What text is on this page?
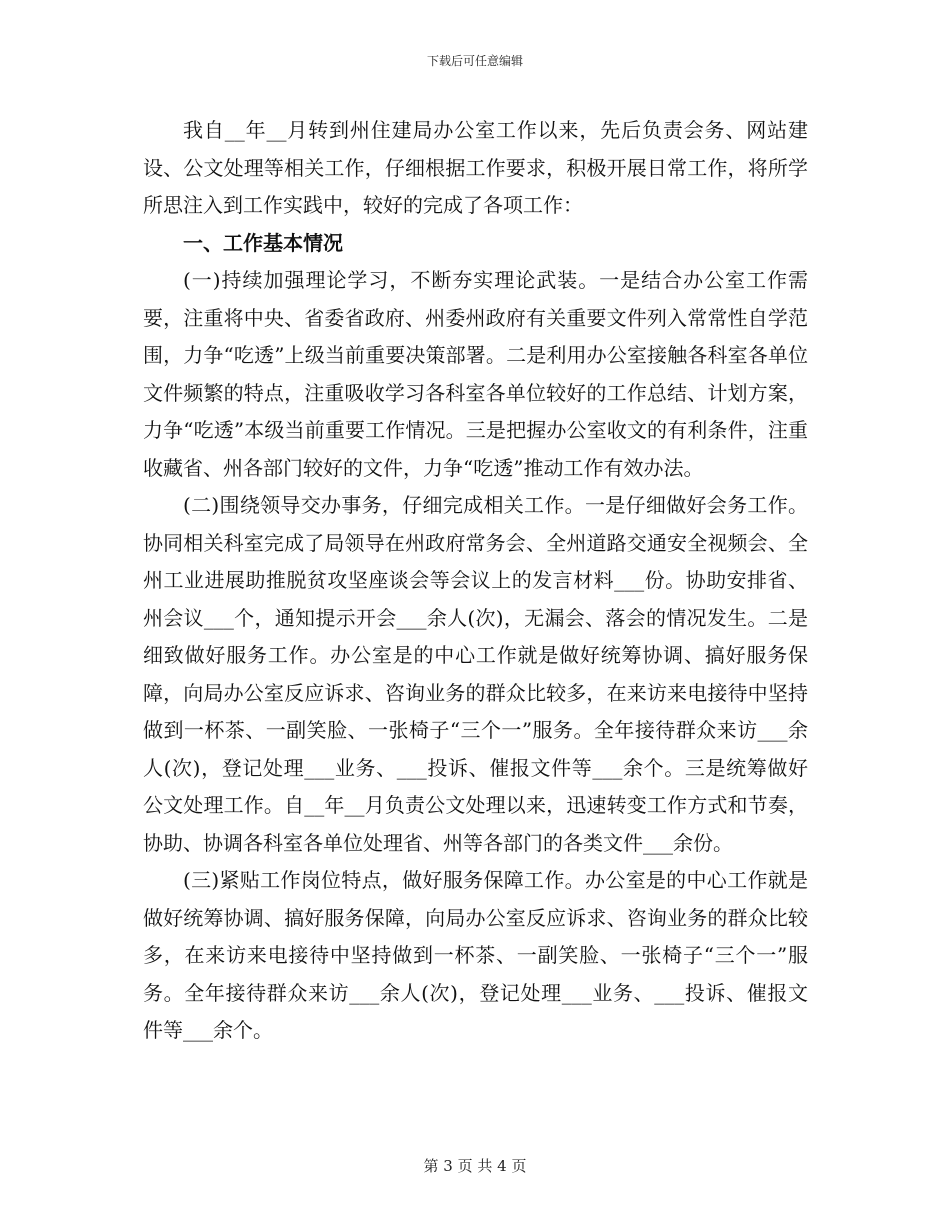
下载后可任意编辑

我自__年__月转到州住建局办公室工作以来，先后负责会务、网站建设、公文处理等相关工作，仔细根据工作要求，积极开展日常工作，将所学所思注入到工作实践中，较好的完成了各项工作：

一、工作基本情况

(一)持续加强理论学习，不断夯实理论武装。一是结合办公室工作需要，注重将中央、省委省政府、州委州政府有关重要文件列入常常性自学范围，力争“吃透”上级当前重要决策部署。二是利用办公室接触各科室各单位文件频繁的特点，注重吸收学习各科室各单位较好的工作总结、计划方案，力争“吃透”本级当前重要工作情况。三是把握办公室收文的有利条件，注重收藏省、州各部门较好的文件，力争“吃透”推动工作有效办法。

(二)围绕领导交办事务，仔细完成相关工作。一是仔细做好会务工作。协同相关科室完成了局领导在州政府常务会、全州道路交通安全视频会、全州工业进展助推脱贫攻坚座谈会等会议上的发言材料___份。协助安排省、州会议___个，通知提示开会___余人(次)，无漏会、落会的情况发生。二是细致做好服务工作。办公室是的中心工作就是做好统筹协调、搞好服务保障，向局办公室反应诉求、咨询业务的群众比较多，在来访来电接待中坚持做到一杯茶、一副笑脸、一张椅子“三个一”服务。全年接待群众来访___余人(次)，登记处理___业务、___投诉、催报文件等___余个。三是统筹做好公文处理工作。自__年__月负责公文处理以来，迅速转变工作方式和节奏，协助、协调各科室各单位处理省、州等各部门的各类文件___余份。

(三)紧贴工作岗位特点，做好服务保障工作。办公室是的中心工作就是做好统筹协调、搞好服务保障，向局办公室反应诉求、咨询业务的群众比较多，在来访来电接待中坚持做到一杯茶、一副笑脸、一张椅子“三个一”服务。全年接待群众来访___余人(次)，登记处理___业务、___投诉、催报文件等___余个。

第 3 页 共 4 页
